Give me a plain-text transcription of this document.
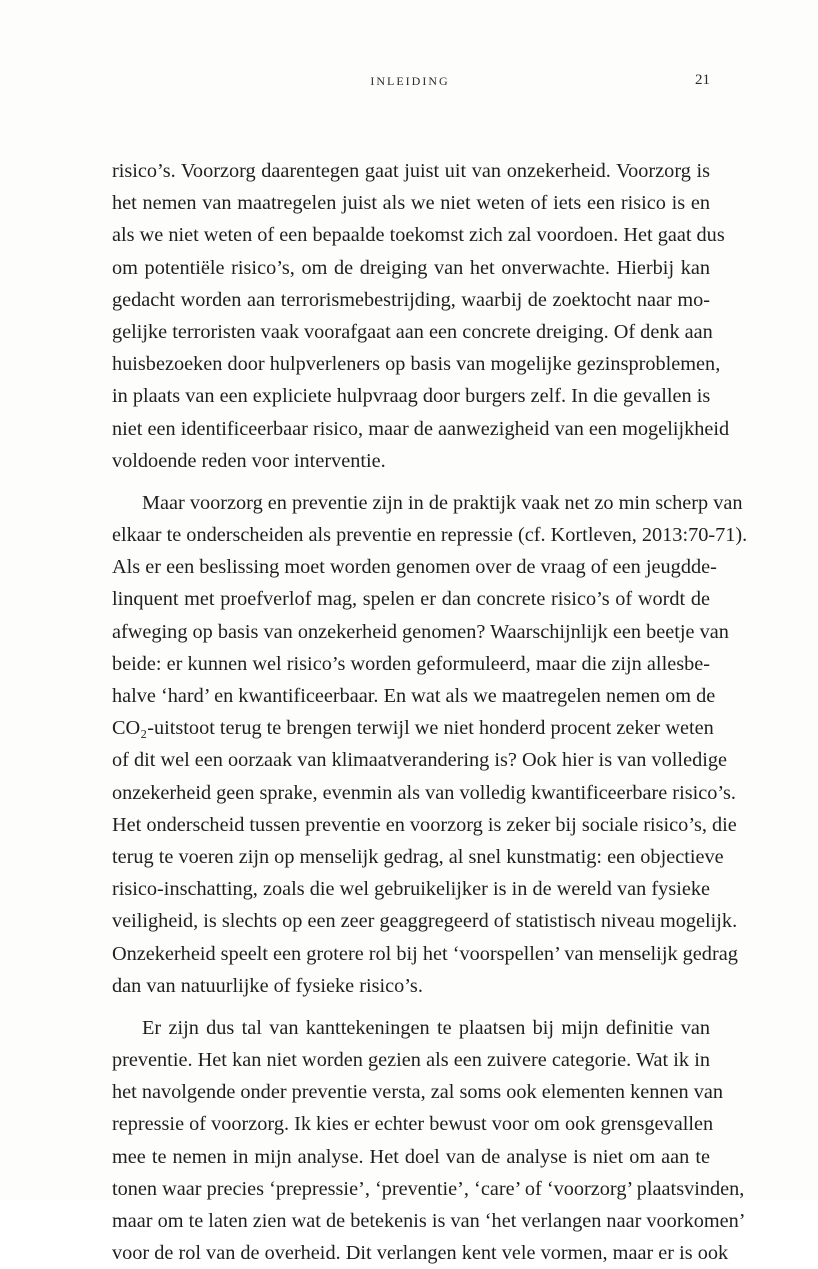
INLEIDING	21
risico’s. Voorzorg daarentegen gaat juist uit van onzekerheid. Voorzorg is
het nemen van maatregelen juist als we niet weten of iets een risico is en
als we niet weten of een bepaalde toekomst zich zal voordoen. Het gaat dus
om potentiële risico’s, om de dreiging van het onverwachte. Hierbij kan
gedacht worden aan terrorismebestrijding, waarbij de zoektocht naar mo-
gelijke terroristen vaak voorafgaat aan een concrete dreiging. Of denk aan
huisbezoeken door hulpverleners op basis van mogelijke gezinsproblemen,
in plaats van een expliciete hulpvraag door burgers zelf. In die gevallen is
niet een identificeerbaar risico, maar de aanwezigheid van een mogelijkheid
voldoende reden voor interventie.
Maar voorzorg en preventie zijn in de praktijk vaak net zo min scherp van
elkaar te onderscheiden als preventie en repressie (cf. Kortleven, 2013:70-71).
Als er een beslissing moet worden genomen over de vraag of een jeugdde-
linquent met proefverlof mag, spelen er dan concrete risico’s of wordt de
afweging op basis van onzekerheid genomen? Waarschijnlijk een beetje van
beide: er kunnen wel risico’s worden geformuleerd, maar die zijn allesbe-
halve ‘hard’ en kwantificeerbaar. En wat als we maatregelen nemen om de
CO₂-uitstoot terug te brengen terwijl we niet honderd procent zeker weten
of dit wel een oorzaak van klimaatverandering is? Ook hier is van volledige
onzekerheid geen sprake, evenmin als van volledig kwantificeerbare risico’s.
Het onderscheid tussen preventie en voorzorg is zeker bij sociale risico’s, die
terug te voeren zijn op menselijk gedrag, al snel kunstmatig: een objectieve
risico-inschatting, zoals die wel gebruikelijker is in de wereld van fysieke
veiligheid, is slechts op een zeer geaggregeerd of statistisch niveau mogelijk.
Onzekerheid speelt een grotere rol bij het ‘voorspellen’ van menselijk gedrag
dan van natuurlijke of fysieke risico’s.
Er zijn dus tal van kanttekeningen te plaatsen bij mijn definitie van
preventie. Het kan niet worden gezien als een zuivere categorie. Wat ik in
het navolgende onder preventie versta, zal soms ook elementen kennen van
repressie of voorzorg. Ik kies er echter bewust voor om ook grensgevallen
mee te nemen in mijn analyse. Het doel van de analyse is niet om aan te
tonen waar precies ‘prepressie’, ‘preventie’, ‘care’ of ‘voorzorg’ plaatsvinden,
maar om te laten zien wat de betekenis is van ‘het verlangen naar voorkomen’
voor de rol van de overheid. Dit verlangen kent vele vormen, maar er is ook
